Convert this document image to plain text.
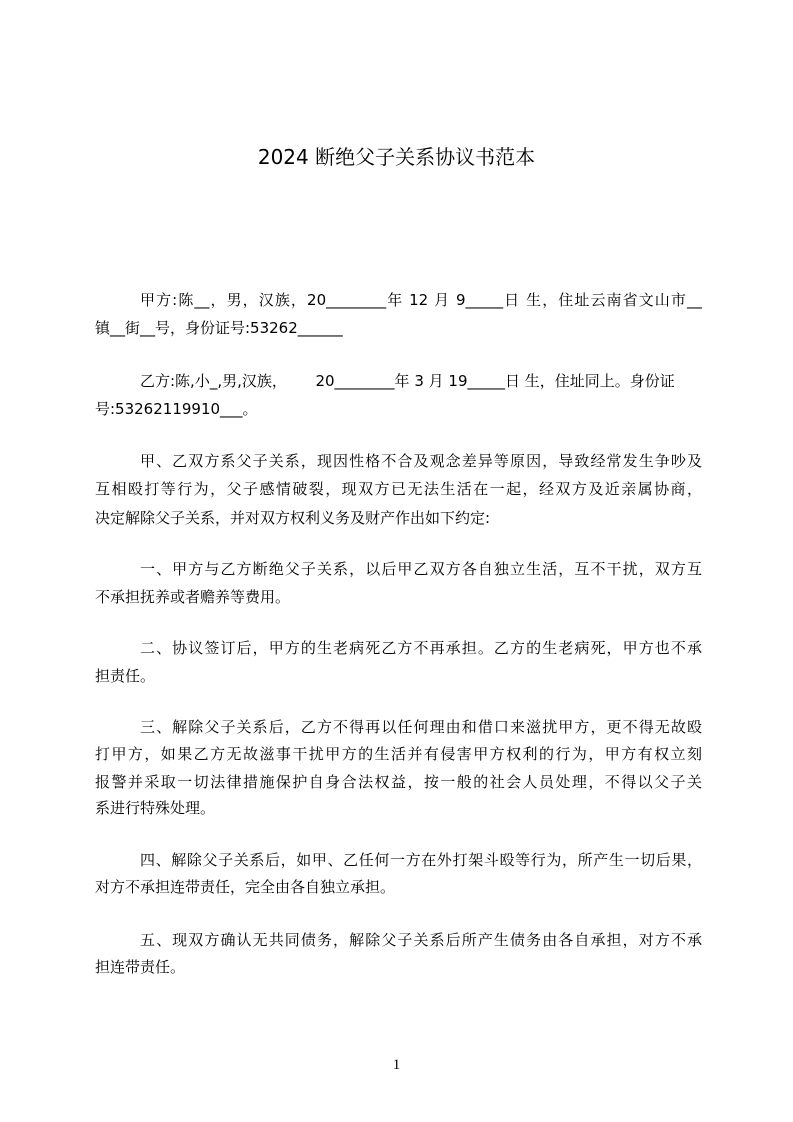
2024 断绝父子关系协议书范本
甲方:陈__，男，汉族，20________年 12 月 9_____日 生，住址云南省文山市__
镇__街__号，身份证号:53262______
乙方:陈,小_,男,汉族，      20________年 3 月 19_____日 生，住址同上。身份证
号:53262119910___。
甲、乙双方系父子关系，现因性格不合及观念差异等原因，导致经常发生争吵及
互相殴打等行为，父子感情破裂，现双方已无法生活在一起，经双方及近亲属协商，
决定解除父子关系，并对双方权利义务及财产作出如下约定:
一、甲方与乙方断绝父子关系，以后甲乙双方各自独立生活，互不干扰，双方互
不承担抚养或者赡养等费用。
二、协议签订后，甲方的生老病死乙方不再承担。乙方的生老病死，甲方也不承
担责任。
三、解除父子关系后，乙方不得再以任何理由和借口来滋扰甲方，更不得无故殴
打甲方，如果乙方无故滋事干扰甲方的生活并有侵害甲方权利的行为，甲方有权立刻
报警并采取一切法律措施保护自身合法权益，按一般的社会人员处理，不得以父子关
系进行特殊处理。
四、解除父子关系后，如甲、乙任何一方在外打架斗殴等行为，所产生一切后果，
对方不承担连带责任，完全由各自独立承担。
五、现双方确认无共同债务，解除父子关系后所产生债务由各自承担，对方不承
担连带责任。
1
